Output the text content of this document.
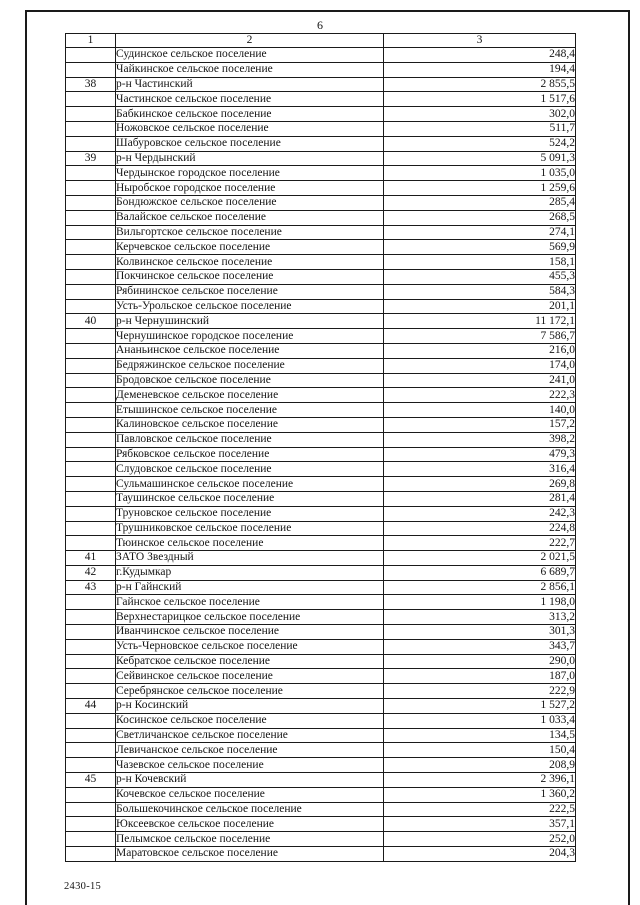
6
1	2	3
	Судинское сельское поселение	248,4
	Чайкинское сельское поселение	194,4
38	р-н Частинский	2 855,5
	Частинское сельское поселение	1 517,6
	Бабкинское сельское поселение	302,0
	Ножовское сельское поселение	511,7
	Шабуровское сельское поселение	524,2
39	р-н Чердынский	5 091,3
	Чердынское городское поселение	1 035,0
	Ныробское городское поселение	1 259,6
	Бондюжское сельское поселение	285,4
	Валайское сельское поселение	268,5
	Вильгортское сельское поселение	274,1
	Керчевское сельское поселение	569,9
	Колвинское сельское поселение	158,1
	Покчинское сельское поселение	455,3
	Рябининское сельское поселение	584,3
	Усть-Урольское сельское поселение	201,1
40	р-н Чернушинский	11 172,1
	Чернушинское городское поселение	7 586,7
	Ананьинское сельское поселение	216,0
	Бедряжинское сельское поселение	174,0
	Бродовское сельское поселение	241,0
	Деменевское сельское поселение	222,3
	Етышинское сельское поселение	140,0
	Калиновское сельское поселение	157,2
	Павловское сельское поселение	398,2
	Рябковское сельское поселение	479,3
	Слудовское сельское поселение	316,4
	Сульмашинское сельское поселение	269,8
	Таушинское сельское поселение	281,4
	Труновское сельское поселение	242,3
	Трушниковское сельское поселение	224,8
	Тюинское сельское поселение	222,7
41	ЗАТО Звездный	2 021,5
42	г.Кудымкар	6 689,7
43	р-н Гайнский	2 856,1
	Гайнское сельское поселение	1 198,0
	Верхнестарицкое сельское поселение	313,2
	Иванчинское сельское поселение	301,3
	Усть-Черновское сельское поселение	343,7
	Кебратское сельское поселение	290,0
	Сейвинское сельское поселение	187,0
	Серебрянское сельское поселение	222,9
44	р-н Косинский	1 527,2
	Косинское сельское поселение	1 033,4
	Светличанское сельское поселение	134,5
	Левичанское сельское поселение	150,4
	Чазевское сельское поселение	208,9
45	р-н Кочевский	2 396,1
	Кочевское сельское поселение	1 360,2
	Большекочинское сельское поселение	222,5
	Юксеевское сельское поселение	357,1
	Пелымское сельское поселение	252,0
	Маратовское сельское поселение	204,3
2430-15
